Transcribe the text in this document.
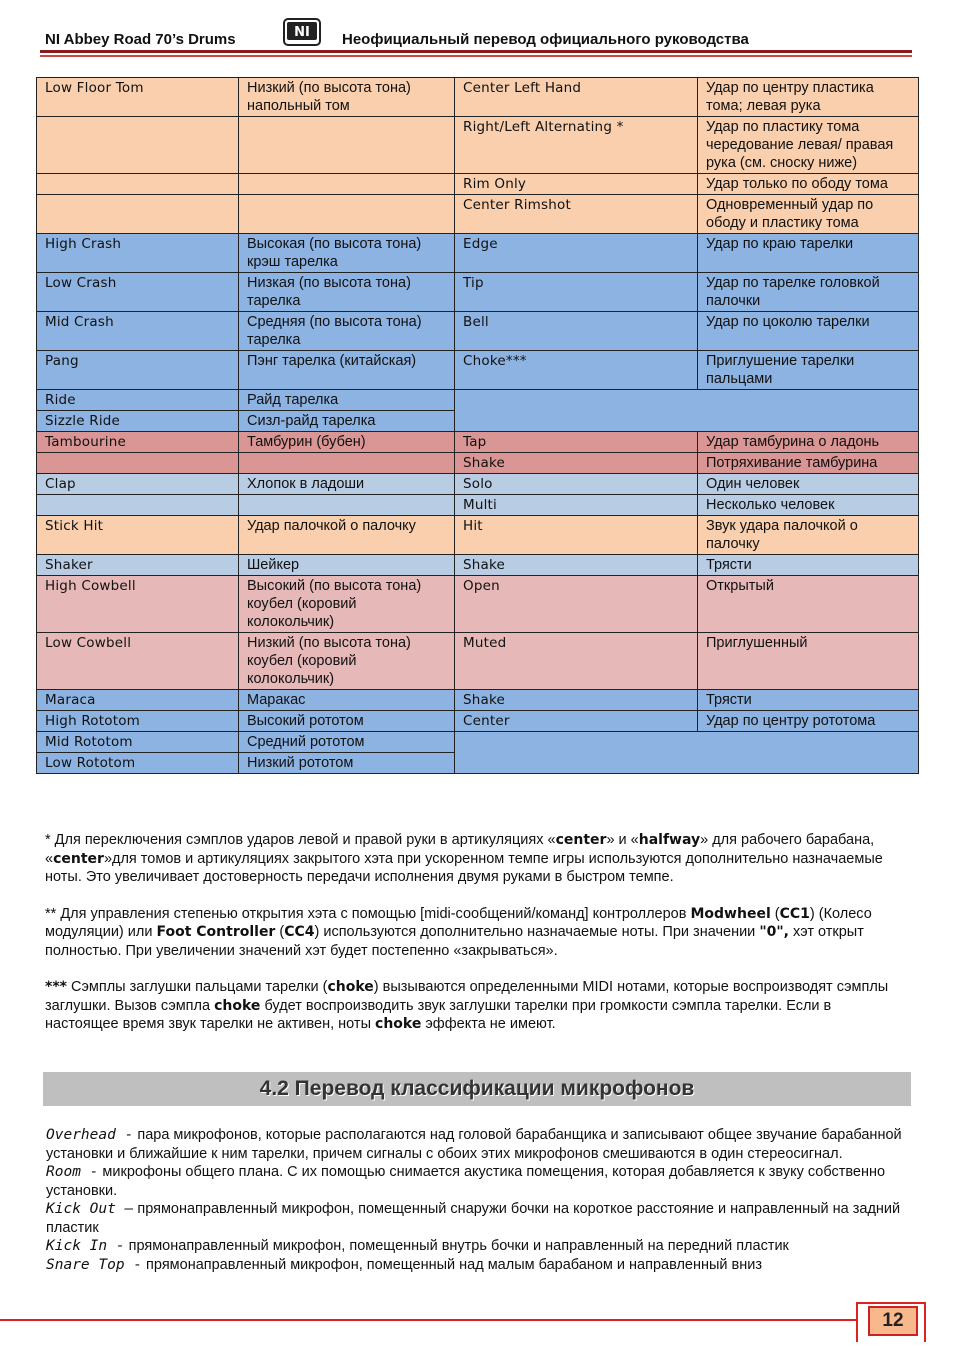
NI Abbey Road 70’s Drums	NI Неофициальный перевод официального руководства
Low Floor Tom	Низкий (по высота тона) напольный том	Center Left Hand	Удар по центру пластика тома; левая рука
		Right/Left Alternating *	Удар по пластику тома чередование левая/ правая рука (см. сноску ниже)
		Rim Only	Удар только по ободу тома
		Center Rimshot	Одновременный удар по ободу и пластику тома
High Crash	Высокая (по высота тона) крэш тарелка	Edge	Удар по краю тарелки
Low Crash	Низкая (по высота тона) тарелка	Tip	Удар по тарелке головкой палочки
Mid Crash	Средняя (по высота тона) тарелка	Bell	Удар по цоколю тарелки
Pang	Пэнг тарелка (китайская)	Choke***	Приглушение тарелки пальцами
Ride	Райд тарелка		
Sizzle Ride	Сизл-райд тарелка		
Tambourine	Тамбурин (бубен)	Tap	Удар тамбурина о ладонь
		Shake	Потряхивание тамбурина
Clap	Хлопок в ладоши	Solo	Один человек
		Multi	Несколько человек
Stick Hit	Удар палочкой о палочку	Hit	Звук удара палочкой о палочку
Shaker	Шейкер	Shake	Трясти
High Cowbell	Высокий (по высота тона) коубел (коровий колокольчик)	Open	Открытый
Low Cowbell	Низкий (по высота тона) коубел (коровий колокольчик)	Muted	Приглушенный
Maraca	Маракас	Shake	Трясти
High Rototom	Высокий рототом	Center	Удар по центру рототома
Mid Rototom	Средний рототом		
Low Rototom	Низкий рототом		

* Для переключения сэмплов ударов левой и правой руки в артикуляциях «center» и «halfway» для рабочего барабана, «center»для томов и артикуляциях закрытого хэта при ускоренном темпе игры используются дополнительно назначаемые ноты. Это увеличивает достоверность передачи исполнения двумя руками в быстром темпе.

** Для управления степенью открытия хэта с помощью [midi-сообщений/команд] контроллеров Modwheel (CC1) (Колесо модуляции) или Foot Controller (CC4) используются дополнительно назначаемые ноты. При значении "0", хэт открыт полностью. При увеличении значений хэт будет постепенно «закрываться».

*** Сэмплы заглушки пальцами тарелки (choke) вызываются определенными MIDI нотами, которые воспроизводят сэмплы заглушки. Вызов сэмпла choke будет воспроизводить звук заглушки тарелки при громкости сэмпла тарелки. Если в настоящее время звук тарелки не активен, ноты choke эффекта не имеют.

4.2 Перевод классификации микрофонов

Overhead - пара микрофонов, которые располагаются над головой барабанщика и записывают общее звучание барабанной установки и ближайшие к ним тарелки, причем сигналы с обоих этих микрофонов смешиваются в один стереосигнал.

Room - микрофоны общего плана. С их помощью снимается акустика помещения, которая добавляется к звуку собственно установки.

Kick Out – прямонаправленный микрофон, помещенный снаружи бочки на короткое расстояние и направленный на задний пластик

Kick In - прямонаправленный микрофон, помещенный внутрь бочки и направленный на передний пластик

Snare Top - прямонаправленный микрофон, помещенный над малым барабаном и направленный вниз

12
